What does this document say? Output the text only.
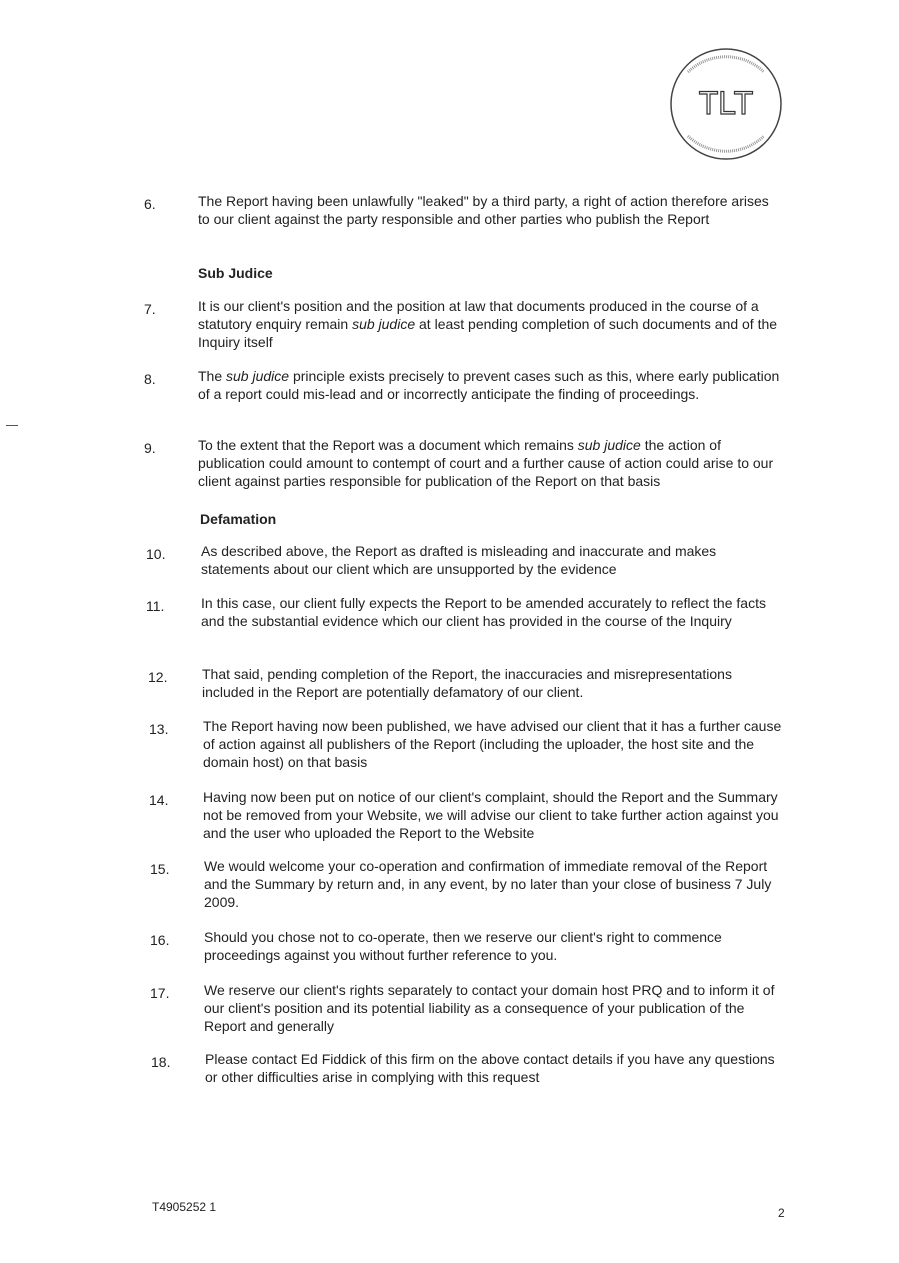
TLT
6.	The Report having been unlawfully "leaked" by a third party, a right of action therefore arises to our client against the party responsible and other parties who publish the Report
Sub Judice
7.	It is our client's position and the position at law that documents produced in the course of a statutory enquiry remain sub judice at least pending completion of such documents and of the Inquiry itself
8.	The sub judice principle exists precisely to prevent cases such as this, where early publication of a report could mis-lead and or incorrectly anticipate the finding of proceedings.
9.	To the extent that the Report was a document which remains sub judice the action of publication could amount to contempt of court and a further cause of action could arise to our client against parties responsible for publication of the Report on that basis
Defamation
10.	As described above, the Report as drafted is misleading and inaccurate and makes statements about our client which are unsupported by the evidence
11.	In this case, our client fully expects the Report to be amended accurately to reflect the facts and the substantial evidence which our client has provided in the course of the Inquiry
12. That said, pending completion of the Report, the inaccuracies and misrepresentations included in the Report are potentially defamatory of our client.
13. The Report having now been published, we have advised our client that it has a further cause of action against all publishers of the Report (including the uploader, the host site and the domain host) on that basis
14. Having now been put on notice of our client's complaint, should the Report and the Summary not be removed from your Website, we will advise our client to take further action against you and the user who uploaded the Report to the Website
15. We would welcome your co-operation and confirmation of immediate removal of the Report and the Summary by return and, in any event, by no later than your close of business 7 July 2009.
16. Should you chose not to co-operate, then we reserve our client's right to commence proceedings against you without further reference to you.
17. We reserve our client's rights separately to contact your domain host PRQ and to inform it of our client's position and its potential liability as a consequence of your publication of the Report and generally
18. Please contact Ed Fiddick of this firm on the above contact details if you have any questions or other difficulties arise in complying with this request
T4905252 1	2
